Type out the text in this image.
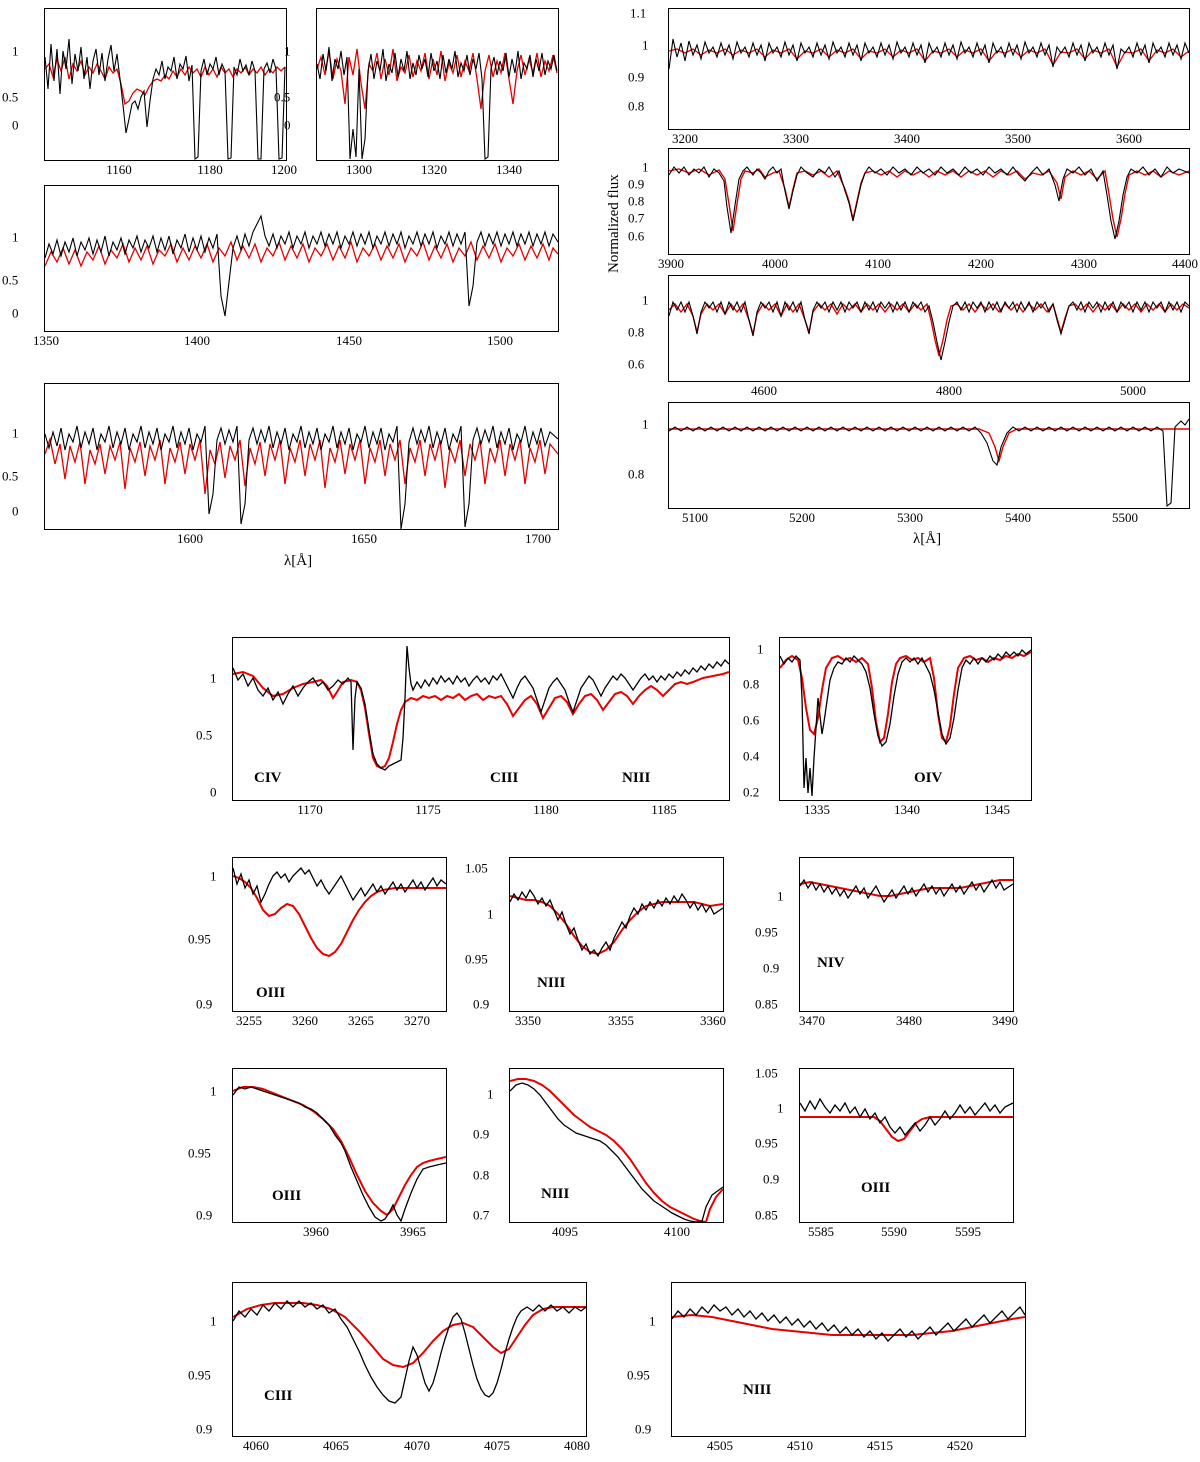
0
0.5
1
1160	1180	1200
0
0.5
1
1300	1320	1340
0
0.5
1
1350	1400	1450	1500
0
0.5
1
1600	1650	1700
λ[Å]
1.1
1
0.9
0.8
3200	3300	3400	3500	3600
1
0.9
0.8
0.7
0.6
3900	4000	4100	4200	4300	4400
Normalized flux
1
0.8
0.6
4600	4800	5000
1
0.8
5100	5200	5300	5400	5500
λ[Å]
0
0.5
1
1170	1175	1180	1185
CIV	CIII	NIII
0.2
0.4
0.6
0.8
1
1335	1340	1345
OIV
0.9
0.95
1
3255 3260 3265 3270
OIII
0.9
0.95
1
1.05
3350	3355	3360
NIII
0.85
0.9
0.95
1
3470	3480	3490
NIV
0.9
0.95
1
3960	3965
OIII
0.7
0.8
0.9
1
4095	4100
NIII
0.85
0.9
0.95
1
1.05
5585	5590	5595
OIII
0.9
0.95
1
4060	4065	4070	4075	4080
CIII
0.9
0.95
1
4505	4510	4515	4520
NIII
